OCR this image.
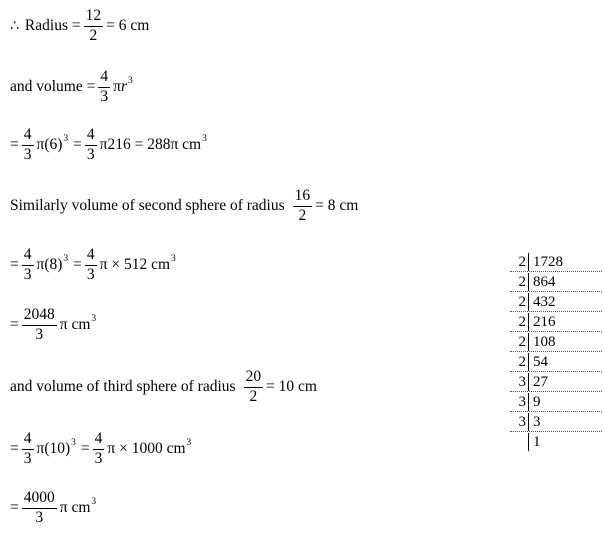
∴ Radius = $\frac{12}{2} = 6$ cm
and volume = $\frac{4}{3}$ π r 3
= $\frac{4}{3} \pi(6) 3 = \frac{4}{3} \pi 216 = 288\pi$ cm 3
Similarly volume of second sphere of radius $\frac{16}{2} = 8$ cm
= $\frac{4}{3} \pi(8) 3 = \frac{4}{3}$ π × 512 cm 3
= $\frac{2048}{3}$ π cm 3
and volume of third sphere of radius $\frac{20}{2} = 10$ cm
= $\frac{4}{3} \pi(10) 3 = \frac{4}{3}$ π × 1000 cm 3
= $\frac{4000}{3}$ π cm 3
2 1728
2 864
2 432
2 216
2 108
2 54
3 27
3 9
3 3
1
